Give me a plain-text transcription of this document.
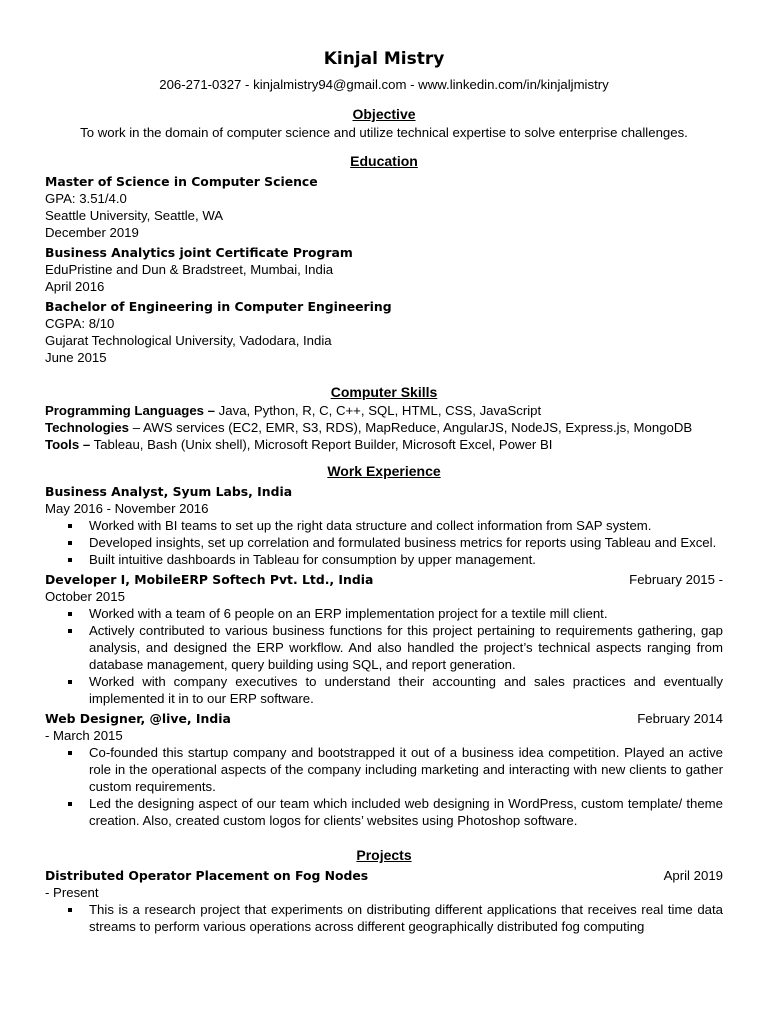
Kinjal Mistry
206-271-0327 - kinjalmistry94@gmail.com - www.linkedin.com/in/kinjaljmistry
Objective
To work in the domain of computer science and utilize technical expertise to solve enterprise challenges.
Education
Master of Science in Computer Science
GPA: 3.51/4.0
Seattle University, Seattle, WA
December 2019
Business Analytics joint Certificate Program
EduPristine and Dun & Bradstreet, Mumbai, India
April 2016
Bachelor of Engineering in Computer Engineering
CGPA: 8/10
Gujarat Technological University, Vadodara, India
June 2015
Computer Skills
Programming Languages – Java, Python, R, C, C++, SQL, HTML, CSS, JavaScript
Technologies – AWS services (EC2, EMR, S3, RDS), MapReduce, AngularJS, NodeJS, Express.js, MongoDB
Tools – Tableau, Bash (Unix shell), Microsoft Report Builder, Microsoft Excel, Power BI
Work Experience
Business Analyst, Syum Labs, India
May 2016 - November 2016
Worked with BI teams to set up the right data structure and collect information from SAP system.
Developed insights, set up correlation and formulated business metrics for reports using Tableau and Excel.
Built intuitive dashboards in Tableau for consumption by upper management.
Developer I, MobileERP Softech Pvt. Ltd., India	February 2015 -
October 2015
Worked with a team of 6 people on an ERP implementation project for a textile mill client.
Actively contributed to various business functions for this project pertaining to requirements gathering, gap analysis, and designed the ERP workflow. And also handled the project’s technical aspects ranging from database management, query building using SQL, and report generation.
Worked with company executives to understand their accounting and sales practices and eventually implemented it in to our ERP software.
Web Designer, @live, India	February 2014
- March 2015
Co-founded this startup company and bootstrapped it out of a business idea competition. Played an active role in the operational aspects of the company including marketing and interacting with new clients to gather custom requirements.
Led the designing aspect of our team which included web designing in WordPress, custom template/ theme creation. Also, created custom logos for clients’ websites using Photoshop software.
Projects
Distributed Operator Placement on Fog Nodes	April 2019
- Present
This is a research project that experiments on distributing different applications that receives real time data streams to perform various operations across different geographically distributed fog computing
